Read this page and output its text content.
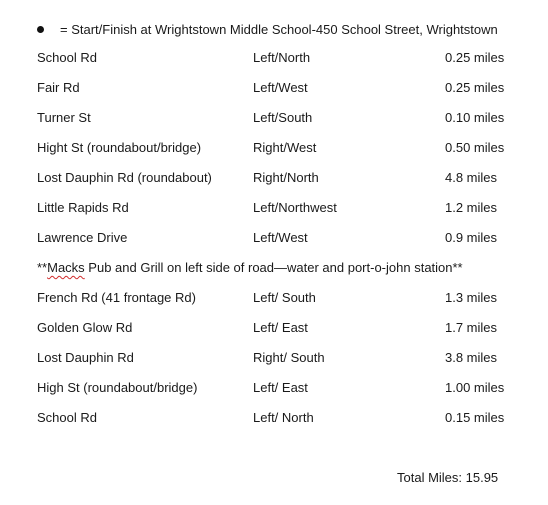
= Start/Finish at Wrightstown Middle School-450 School Street, Wrightstown
School Rd	Left/North	0.25 miles
Fair Rd	Left/West	0.25 miles
Turner St	Left/South	0.10 miles
Hight St (roundabout/bridge)	Right/West	0.50 miles
Lost Dauphin Rd (roundabout)	Right/North	4.8 miles
Little Rapids Rd	Left/Northwest	1.2 miles
Lawrence Drive	Left/West	0.9 miles
**Macks Pub and Grill on left side of road—water and port-o-john station**
French Rd (41 frontage Rd)	Left/ South	1.3 miles
Golden Glow Rd	Left/ East	1.7 miles
Lost Dauphin Rd	Right/ South	3.8 miles
High St (roundabout/bridge)	Left/ East	1.00 miles
School Rd	Left/ North	0.15 miles
Total Miles: 15.95
